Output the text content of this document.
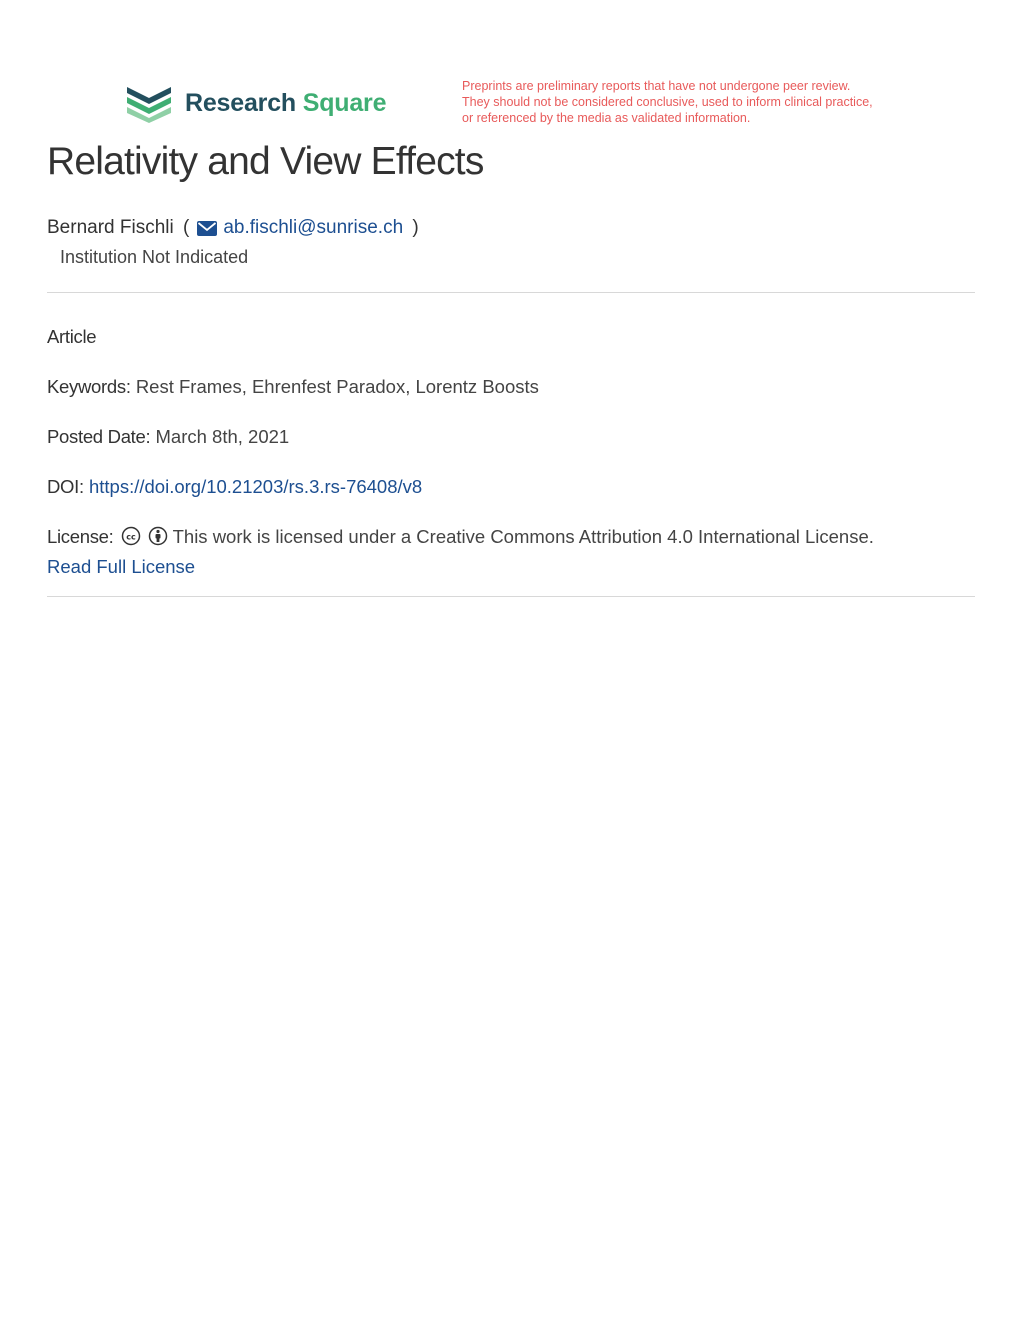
Research Square
Preprints are preliminary reports that have not undergone peer review.
They should not be considered conclusive, used to inform clinical practice,
or referenced by the media as validated information.
Relativity and View Effects
Bernard Fischli ( ab.fischli@sunrise.ch )
Institution Not Indicated
Article
Keywords: Rest Frames, Ehrenfest Paradox, Lorentz Boosts
Posted Date: March 8th, 2021
DOI: https://doi.org/10.21203/rs.3.rs-76408/v8
License: cc This work is licensed under a Creative Commons Attribution 4.0 International License.
Read Full License
